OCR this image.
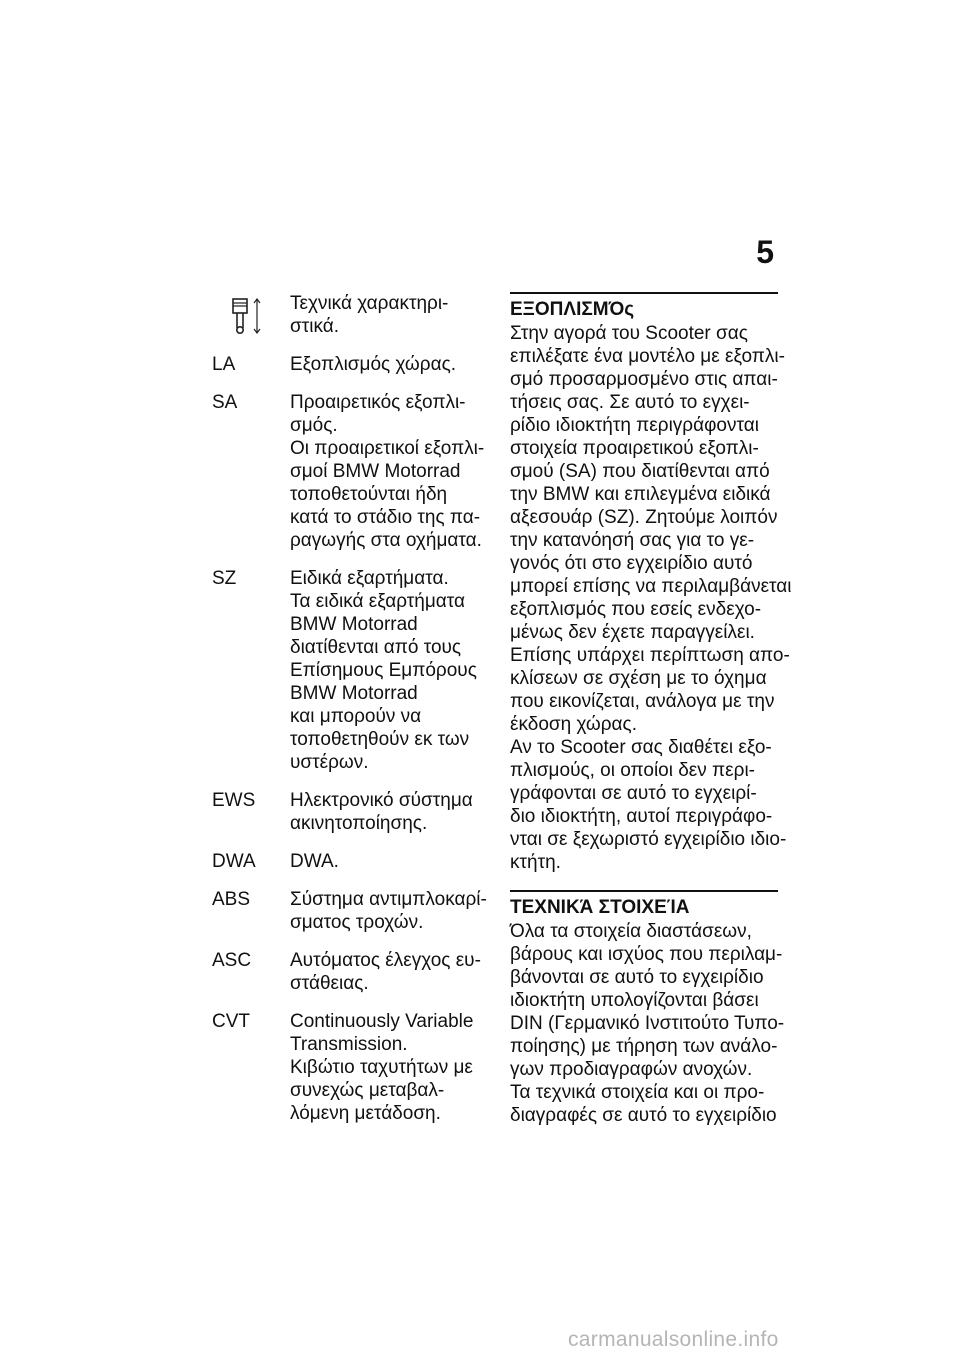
5
Τεχνικά χαρακτηρι-
στικά.
LA	Εξοπλισμός χώρας.
SA	Προαιρετικός εξοπλι-
σμός.
Οι προαιρετικοί εξοπλι-
σμοί BMW Motorrad
τοποθετούνται ήδη
κατά το στάδιο της πα-
ραγωγής στα οχήματα.
SZ	Ειδικά εξαρτήματα.
Τα ειδικά εξαρτήματα
BMW Motorrad
διατίθενται από τους
Επίσημους Εμπόρους
BMW Motorrad
και μπορούν να
τοποθετηθούν εκ των
υστέρων.
EWS	Ηλεκτρονικό σύστημα
ακινητοποίησης.
DWA	DWA.
ABS	Σύστημα αντιμπλοκαρί-
σματος τροχών.
ASC	Αυτόματος έλεγχος ευ-
στάθειας.
CVT	Continuously Variable
Transmission.
Κιβώτιο ταχυτήτων με
συνεχώς μεταβαλ-
λόμενη μετάδοση.
ΕΞΟΠΛΙΣΜΌς
Στην αγορά του Scooter σας
επιλέξατε ένα μοντέλο με εξοπλι-
σμό προσαρμοσμένο στις απαι-
τήσεις σας. Σε αυτό το εγχει-
ρίδιο ιδιοκτήτη περιγράφονται
στοιχεία προαιρετικού εξοπλι-
σμού (SA) που διατίθενται από
την BMW και επιλεγμένα ειδικά
αξεσουάρ (SZ). Ζητούμε λοιπόν
την κατανόησή σας για το γε-
γονός ότι στο εγχειρίδιο αυτό
μπορεί επίσης να περιλαμβάνεται
εξοπλισμός που εσείς ενδεχο-
μένως δεν έχετε παραγγείλει.
Επίσης υπάρχει περίπτωση απο-
κλίσεων σε σχέση με το όχημα
που εικονίζεται, ανάλογα με την
έκδοση χώρας.
Αν το Scooter σας διαθέτει εξο-
πλισμούς, οι οποίοι δεν περι-
γράφονται σε αυτό το εγχειρί-
διο ιδιοκτήτη, αυτοί περιγράφο-
νται σε ξεχωριστό εγχειρίδιο ιδιο-
κτήτη.
ΤΕΧΝΙΚΆ ΣΤΟΙΧΕΊΑ
Όλα τα στοιχεία διαστάσεων,
βάρους και ισχύος που περιλαμ-
βάνονται σε αυτό το εγχειρίδιο
ιδιοκτήτη υπολογίζονται βάσει
DIN (Γερμανικό Ινστιτούτο Τυπο-
ποίησης) με τήρηση των ανάλο-
γων προδιαγραφών ανοχών.
Τα τεχνικά στοιχεία και οι προ-
διαγραφές σε αυτό το εγχειρίδιο
carmanualsonline.info
